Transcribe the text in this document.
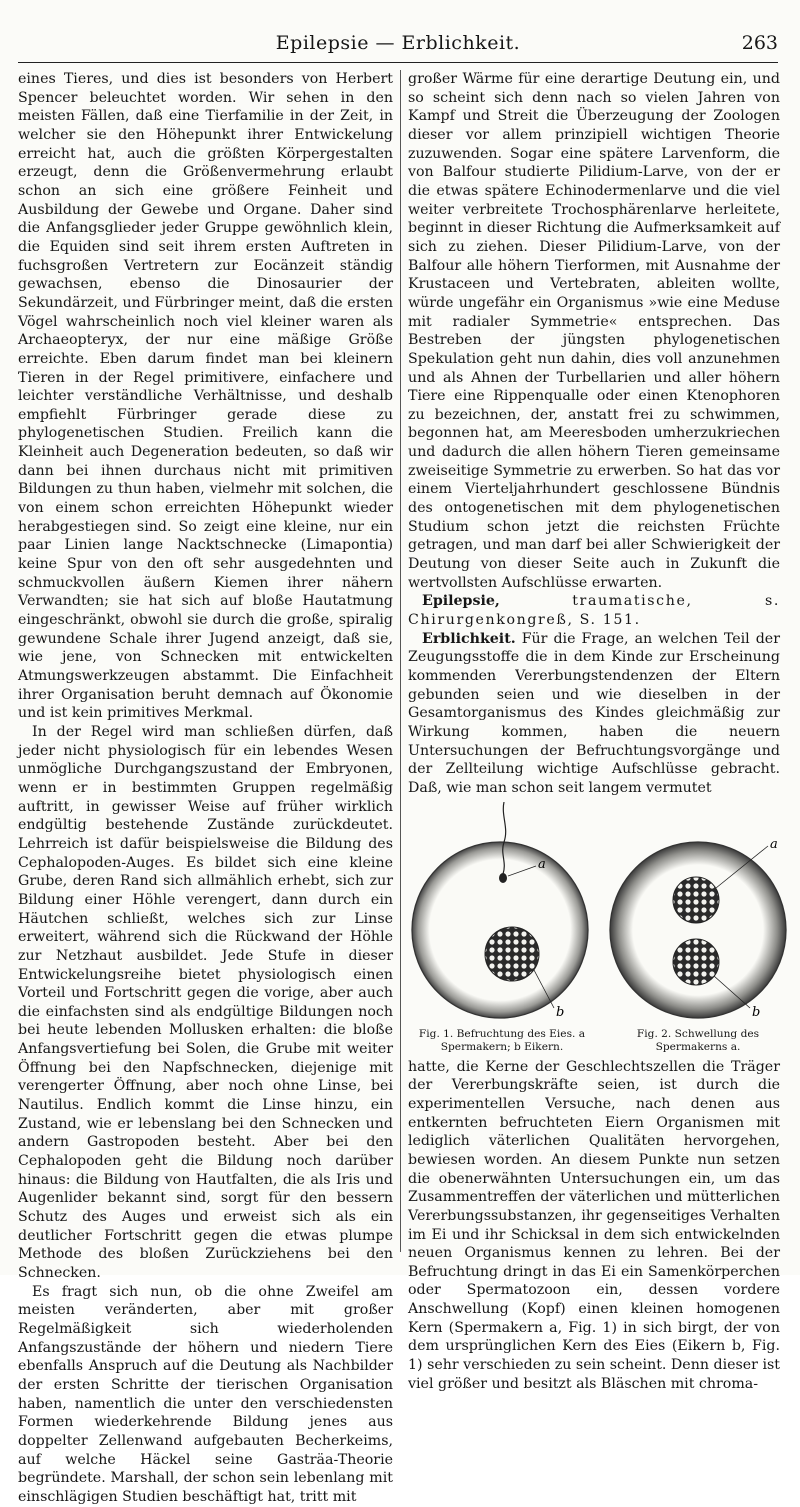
Epilepsie — Erblichkeit.	263

eines Tieres, und dies ist besonders von Herbert Spencer beleuchtet worden. Wir sehen in den meisten Fällen, daß eine Tierfamilie in der Zeit, in welcher sie den Höhepunkt ihrer Entwickelung erreicht hat, auch die größten Körpergestalten erzeugt, denn die Größenvermehrung erlaubt schon an sich eine größere Feinheit und Ausbildung der Gewebe und Organe. Daher sind die Anfangsglieder jeder Gruppe gewöhnlich klein, die Equiden sind seit ihrem ersten Auftreten in fuchsgroßen Vertretern zur Eocänzeit ständig gewachsen, ebenso die Dinosaurier der Sekundärzeit, und Fürbringer meint, daß die ersten Vögel wahrscheinlich noch viel kleiner waren als Archaeopteryx, der nur eine mäßige Größe erreichte. Eben darum findet man bei kleinern Tieren in der Regel primitivere, einfachere und leichter verständliche Verhältnisse, und deshalb empfiehlt Fürbringer gerade diese zu phylogenetischen Studien. Freilich kann die Kleinheit auch Degeneration bedeuten, so daß wir dann bei ihnen durchaus nicht mit primitiven Bildungen zu thun haben, vielmehr mit solchen, die von einem schon erreichten Höhepunkt wieder herabgestiegen sind. So zeigt eine kleine, nur ein paar Linien lange Nacktschnecke (Limapontia) keine Spur von den oft sehr ausgedehnten und schmuckvollen äußern Kiemen ihrer nähern Verwandten; sie hat sich auf bloße Hautatmung eingeschränkt, obwohl sie durch die große, spiralig gewundene Schale ihrer Jugend anzeigt, daß sie, wie jene, von Schnecken mit entwickelten Atmungswerkzeugen abstammt. Die Einfachheit ihrer Organisation beruht demnach auf Ökonomie und ist kein primitives Merkmal.

In der Regel wird man schließen dürfen, daß jeder nicht physiologisch für ein lebendes Wesen unmögliche Durchgangszustand der Embryonen, wenn er in bestimmten Gruppen regelmäßig auftritt, in gewisser Weise auf früher wirklich endgültig bestehende Zustände zurückdeutet. Lehrreich ist dafür beispielsweise die Bildung des Cephalopoden-Auges. Es bildet sich eine kleine Grube, deren Rand sich allmählich erhebt, sich zur Bildung einer Höhle verengert, dann durch ein Häutchen schließt, welches sich zur Linse erweitert, während sich die Rückwand der Höhle zur Netzhaut ausbildet. Jede Stufe in dieser Entwickelungsreihe bietet physiologisch einen Vorteil und Fortschritt gegen die vorige, aber auch die einfachsten sind als endgültige Bildungen noch bei heute lebenden Mollusken erhalten: die bloße Anfangsvertiefung bei Solen, die Grube mit weiter Öffnung bei den Napfschnecken, diejenige mit verengerter Öffnung, aber noch ohne Linse, bei Nautilus. Endlich kommt die Linse hinzu, ein Zustand, wie er lebenslang bei den Schnecken und andern Gastropoden besteht. Aber bei den Cephalopoden geht die Bildung noch darüber hinaus: die Bildung von Hautfalten, die als Iris und Augenlider bekannt sind, sorgt für den bessern Schutz des Auges und erweist sich als ein deutlicher Fortschritt gegen die etwas plumpe Methode des bloßen Zurückziehens bei den Schnecken.

Es fragt sich nun, ob die ohne Zweifel am meisten veränderten, aber mit großer Regelmäßigkeit sich wiederholenden Anfangszustände der höhern und niedern Tiere ebenfalls Anspruch auf die Deutung als Nachbilder der ersten Schritte der tierischen Organisation haben, namentlich die unter den verschiedensten Formen wiederkehrende Bildung jenes aus doppelter Zellenwand aufgebauten Becherkeims, auf welche Häckel seine Gasträa-Theorie begründete. Marshall, der schon sein lebenlang mit einschlägigen Studien beschäftigt hat, tritt mit

großer Wärme für eine derartige Deutung ein, und so scheint sich denn nach so vielen Jahren von Kampf und Streit die Überzeugung der Zoologen dieser vor allem prinzipiell wichtigen Theorie zuzuwenden. Sogar eine spätere Larvenform, die von Balfour studierte Pilidium-Larve, von der er die etwas spätere Echinodermenlarve und die viel weiter verbreitete Trochosphärenlarve herleitete, beginnt in dieser Richtung die Aufmerksamkeit auf sich zu ziehen. Dieser Pilidium-Larve, von der Balfour alle höhern Tierformen, mit Ausnahme der Krustaceen und Vertebraten, ableiten wollte, würde ungefähr ein Organismus »wie eine Meduse mit radialer Symmetrie« entsprechen. Das Bestreben der jüngsten phylogenetischen Spekulation geht nun dahin, dies voll anzunehmen und als Ahnen der Turbellarien und aller höhern Tiere eine Rippenqualle oder einen Ktenophoren zu bezeichnen, der, anstatt frei zu schwimmen, begonnen hat, am Meeresboden umherzukriechen und dadurch die allen höhern Tieren gemeinsame zweiseitige Symmetrie zu erwerben. So hat das vor einem Vierteljahrhundert geschlossene Bündnis des ontogenetischen mit dem phylogenetischen Studium schon jetzt die reichsten Früchte getragen, und man darf bei aller Schwierigkeit der Deutung von dieser Seite auch in Zukunft die wertvollsten Aufschlüsse erwarten.

Epilepsie, traumatische, s. Chirurgenkongreß, S. 151.

Erblichkeit. Für die Frage, an welchen Teil der Zeugungsstoffe die in dem Kinde zur Erscheinung kommenden Vererbungstendenzen der Eltern gebunden seien und wie dieselben in der Gesamtorganismus des Kindes gleichmäßig zur Wirkung kommen, haben die neuern Untersuchungen der Befruchtungsvorgänge und der Zellteilung wichtige Aufschlüsse gebracht. Daß, wie man schon seit langem vermutet

a
b
Fig. 1. Befruchtung des Eies. a Spermakern; b Eikern.
a
b
Fig. 2. Schwellung des Spermakerns a.

hatte, die Kerne der Geschlechtszellen die Träger der Vererbungskräfte seien, ist durch die experimentellen Versuche, nach denen aus entkernten befruchteten Eiern Organismen mit lediglich väterlichen Qualitäten hervorgehen, bewiesen worden. An diesem Punkte nun setzen die obenerwähnten Untersuchungen ein, um das Zusammentreffen der väterlichen und mütterlichen Vererbungssubstanzen, ihr gegenseitiges Verhalten im Ei und ihr Schicksal in dem sich entwickelnden neuen Organismus kennen zu lehren. Bei der Befruchtung dringt in das Ei ein Samenkörperchen oder Spermatozoon ein, dessen vordere Anschwellung (Kopf) einen kleinen homogenen Kern (Spermakern a, Fig. 1) in sich birgt, der von dem ursprünglichen Kern des Eies (Eikern b, Fig. 1) sehr verschieden zu sein scheint. Denn dieser ist viel größer und besitzt als Bläschen mit chroma-
